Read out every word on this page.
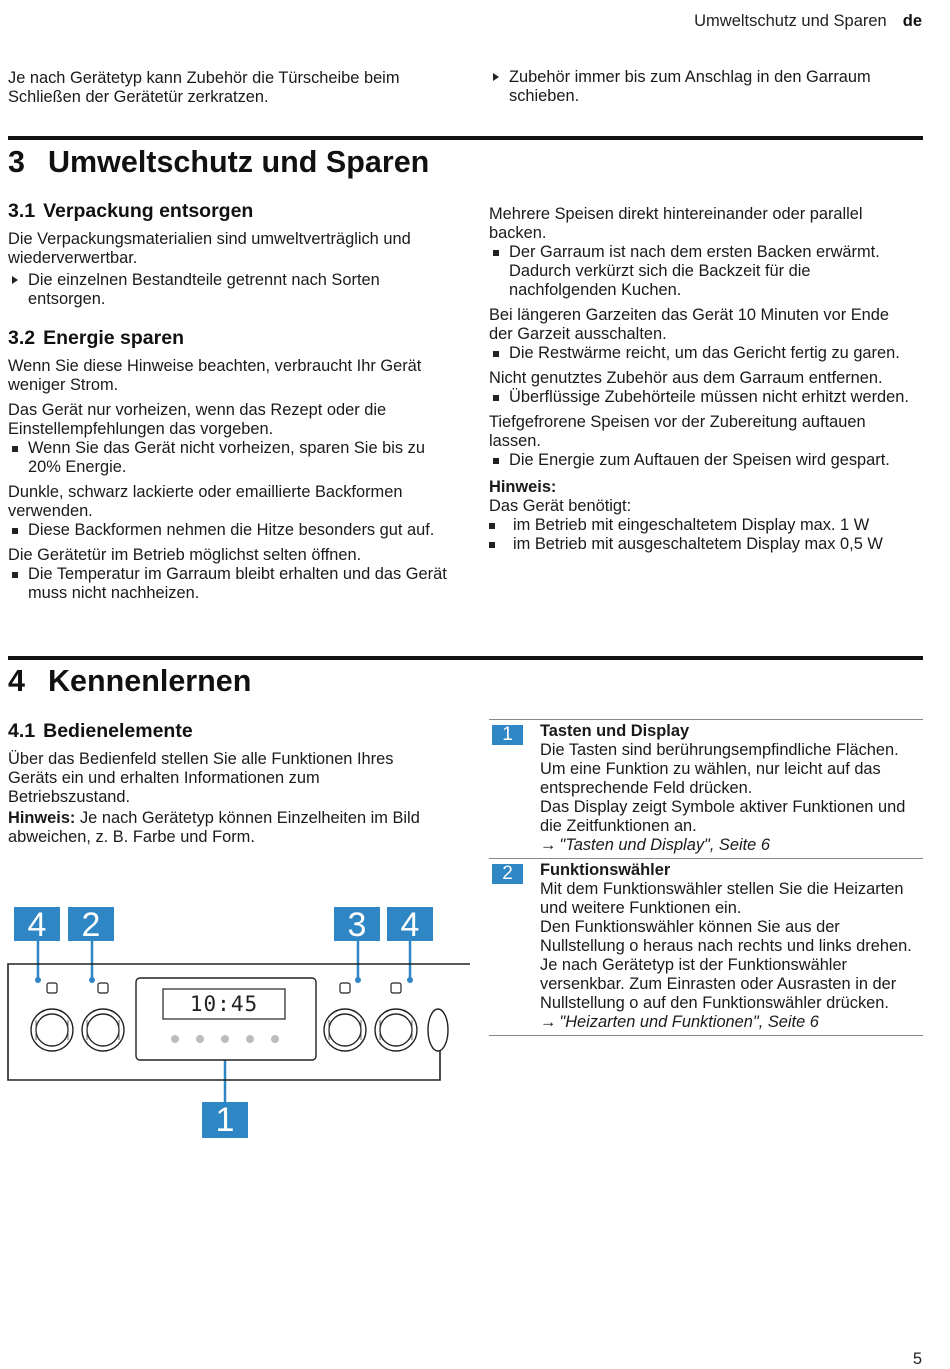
Umweltschutz und Sparen de

Je nach Gerätetyp kann Zubehör die Türscheibe beim Schließen der Gerätetür zerkratzen.

Zubehör immer bis zum Anschlag in den Garraum schieben.
3 Umweltschutz und Sparen
3.1 Verpackung entsorgen

Die Verpackungsmaterialien sind umweltverträglich und wiederverwertbar.

Die einzelnen Bestandteile getrennt nach Sorten entsorgen.
3.2 Energie sparen

Wenn Sie diese Hinweise beachten, verbraucht Ihr Gerät weniger Strom.

Das Gerät nur vorheizen, wenn das Rezept oder die Einstellempfehlungen das vorgeben.

Wenn Sie das Gerät nicht vorheizen, sparen Sie bis zu 20% Energie.

Dunkle, schwarz lackierte oder emaillierte Backformen verwenden.

Diese Backformen nehmen die Hitze besonders gut auf.

Die Gerätetür im Betrieb möglichst selten öffnen.

Die Temperatur im Garraum bleibt erhalten und das Gerät muss nicht nachheizen.

Mehrere Speisen direkt hintereinander oder parallel backen.

Der Garraum ist nach dem ersten Backen erwärmt. Dadurch verkürzt sich die Backzeit für die nachfolgenden Kuchen.

Bei längeren Garzeiten das Gerät 10 Minuten vor Ende der Garzeit ausschalten.

Die Restwärme reicht, um das Gericht fertig zu garen.

Nicht genutztes Zubehör aus dem Garraum entfernen.

Überflüssige Zubehörteile müssen nicht erhitzt werden.

Tiefgefrorene Speisen vor der Zubereitung auftauen lassen.

Die Energie zum Auftauen der Speisen wird gespart.

Hinweis:

Das Gerät benötigt:

im Betrieb mit eingeschaltetem Display max. 1 W
im Betrieb mit ausgeschaltetem Display max 0,5 W
4 Kennenlernen
4.1 Bedienelemente

Über das Bedienfeld stellen Sie alle Funktionen Ihres Geräts ein und erhalten Informationen zum Betriebszustand.

Hinweis: Je nach Gerätetyp können Einzelheiten im Bild abweichen, z. B. Farbe und Form.

4	2	3	4
1
10:45
1	Tasten und Display

Die Tasten sind berührungsempfindliche Flächen. Um eine Funktion zu wählen, nur leicht auf das entsprechende Feld drücken.

Das Display zeigt Symbole aktiver Funktionen und die Zeitfunktionen an.

→ "Tasten und Display", Seite 6

2	Funktionswähler

Mit dem Funktionswähler stellen Sie die Heizarten und weitere Funktionen ein.

Den Funktionswähler können Sie aus der Nullstellung o heraus nach rechts und links drehen. Je nach Gerätetyp ist der Funktionswähler versenkbar. Zum Einrasten oder Ausrasten in der Nullstellung o auf den Funktionswähler drücken.

→ "Heizarten und Funktionen", Seite 6

5
